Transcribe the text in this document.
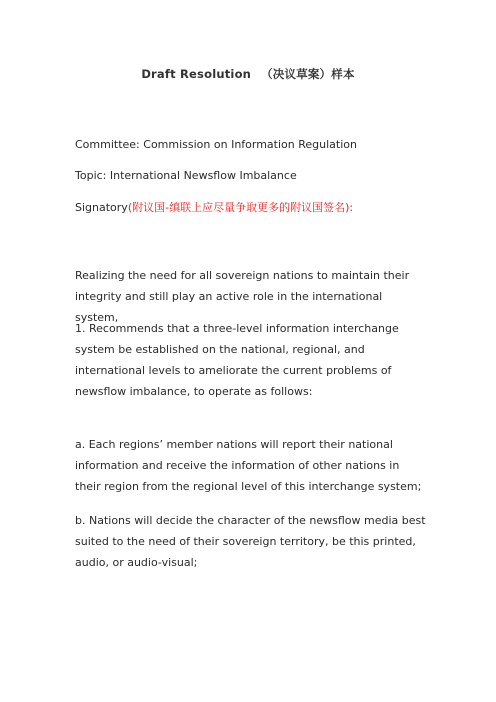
Draft Resolution （决议草案）样本
Committee: Commission on Information Regulation
Topic: International Newsflow Imbalance
Signatory(附议国-缜联上应尽量争取更多的附议国签名):
Realizing the need for all sovereign nations to maintain their integrity and still play an active role in the international system,
1. Recommends that a three-level information interchange system be established on the national, regional, and international levels to ameliorate the current problems of newsflow imbalance, to operate as follows:
a. Each regions’ member nations will report their national information and receive the information of other nations in their region from the regional level of this interchange system;
b. Nations will decide the character of the newsflow media best suited to the need of their sovereign territory, be this printed, audio, or audio-visual;
